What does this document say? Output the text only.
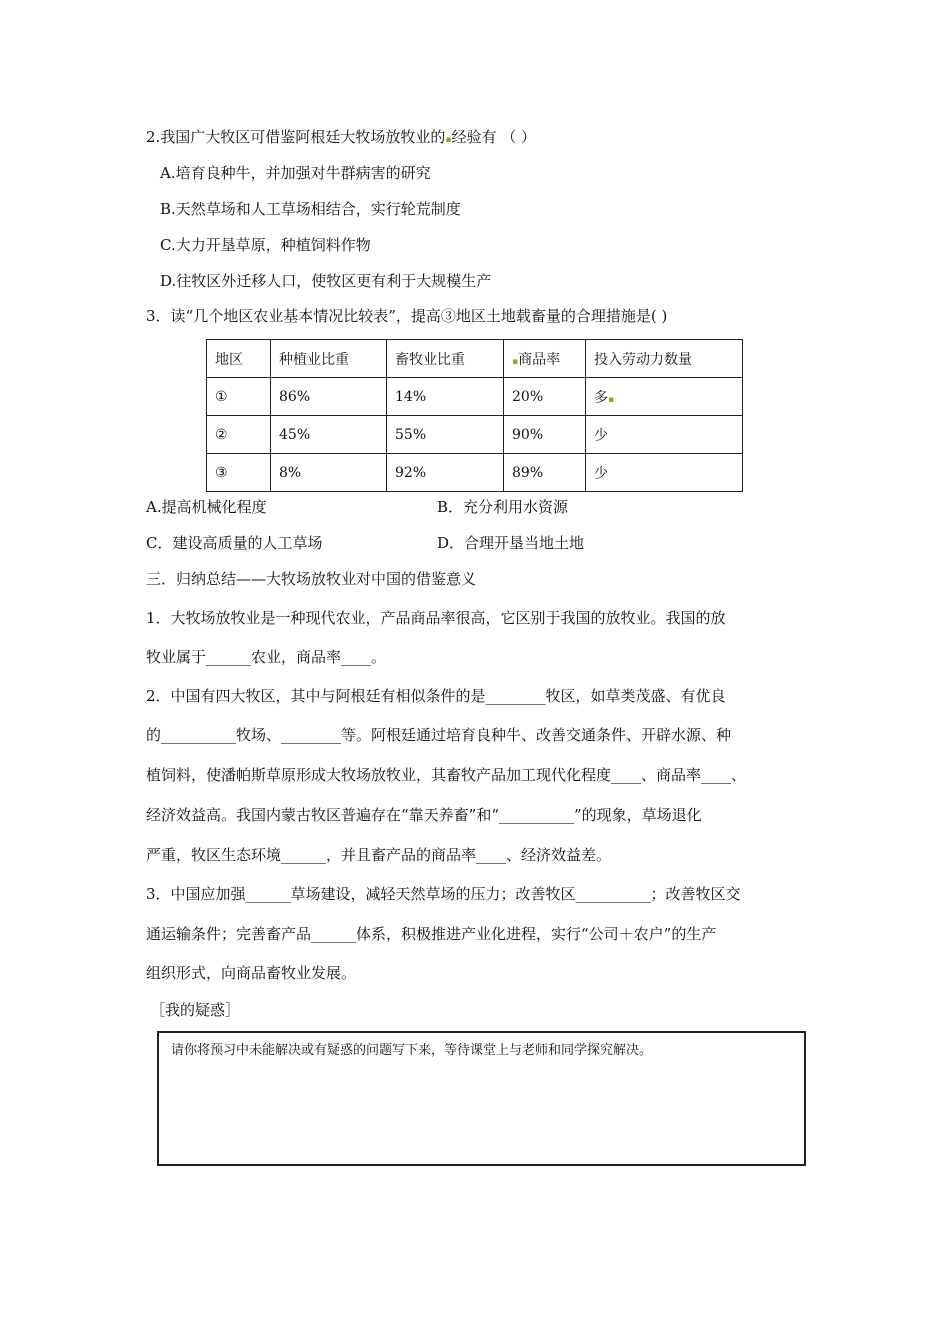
2.我国广大牧区可借鉴阿根廷大牧场放牧业的▪经验有 （ ）
A.培育良种牛，并加强对牛群病害的研究
B.天然草场和人工草场相结合，实行轮荒制度
C.大力开垦草原，种植饲料作物
D.往牧区外迁移人口，使牧区更有利于大规模生产
3．读“几个地区农业基本情况比较表”，提高③地区土地载畜量的合理措施是( )
地区	种植业比重	畜牧业比重	▪商品率	投入劳动力数量
①	86%	14%	20%	多▪
②	45%	55%	90%	少
③	8%	92%	89%	少
A.提高机械化程度	B．充分利用水资源
C．建设高质量的人工草场	D．合理开垦当地土地
三．归纳总结——大牧场放牧业对中国的借鉴意义
1．大牧场放牧业是一种现代农业，产品商品率很高，它区别于我国的放牧业。我国的放
牧业属于______农业，商品率____。
2．中国有四大牧区，其中与阿根廷有相似条件的是________牧区，如草类茂盛、有优良
的__________牧场、________等。阿根廷通过培育良种牛、改善交通条件、开辟水源、种
植饲料，使潘帕斯草原形成大牧场放牧业，其畜牧产品加工现代化程度____、商品率____、
经济效益高。我国内蒙古牧区普遍存在“靠天养畜”和“__________”的现象，草场退化
严重，牧区生态环境______，并且畜产品的商品率____、经济效益差。
3．中国应加强______草场建设，减轻天然草场的压力；改善牧区__________；改善牧区交
通运输条件；完善畜产品______体系，积极推进产业化进程，实行“公司＋农户”的生产
组织形式，向商品畜牧业发展。
［我的疑惑］
请你将预习中未能解决或有疑惑的问题写下来，等待课堂上与老师和同学探究解决。
